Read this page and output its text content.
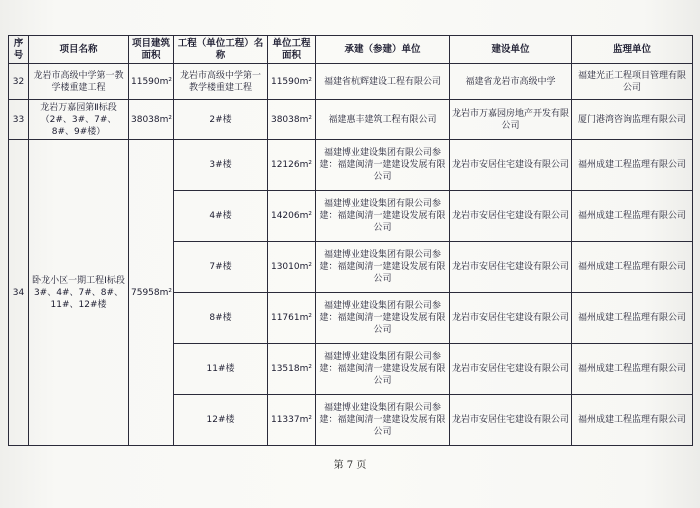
序号	项目名称	项目建筑面积	工程（单位工程）名称	单位工程面积	承建（参建）单位	建设单位	监理单位
32	龙岩市高级中学第一教学楼重建工程	11590m²	龙岩市高级中学第一教学楼重建工程	11590m²	福建省杭辉建设工程有限公司	福建省龙岩市高级中学	福建光正工程项目管理有限公司
33	龙岩万嘉园第Ⅱ标段（2#、3#、7#、8#、9#楼）	38038m²	2#楼	38038m²	福建惠丰建筑工程有限公司	龙岩市万嘉园房地产开发有限公司	厦门港湾咨询监理有限公司
34	卧龙小区一期工程Ⅰ标段3#、4#、7#、8#、11#、12#楼	75958m²	3#楼	12126m²	福建博业建设集团有限公司参建：福建闽清一建建设发展有限公司	龙岩市安居住宅建设有限公司	福州成建工程监理有限公司
			4#楼	14206m²	福建博业建设集团有限公司参建：福建闽清一建建设发展有限公司	龙岩市安居住宅建设有限公司	福州成建工程监理有限公司
			7#楼	13010m²	福建博业建设集团有限公司参建：福建闽清一建建设发展有限公司	龙岩市安居住宅建设有限公司	福州成建工程监理有限公司
			8#楼	11761m²	福建博业建设集团有限公司参建：福建闽清一建建设发展有限公司	龙岩市安居住宅建设有限公司	福州成建工程监理有限公司
			11#楼	13518m²	福建博业建设集团有限公司参建：福建闽清一建建设发展有限公司	龙岩市安居住宅建设有限公司	福州成建工程监理有限公司
			12#楼	11337m²	福建博业建设集团有限公司参建：福建闽清一建建设发展有限公司	龙岩市安居住宅建设有限公司	福州成建工程监理有限公司
第 7 页
